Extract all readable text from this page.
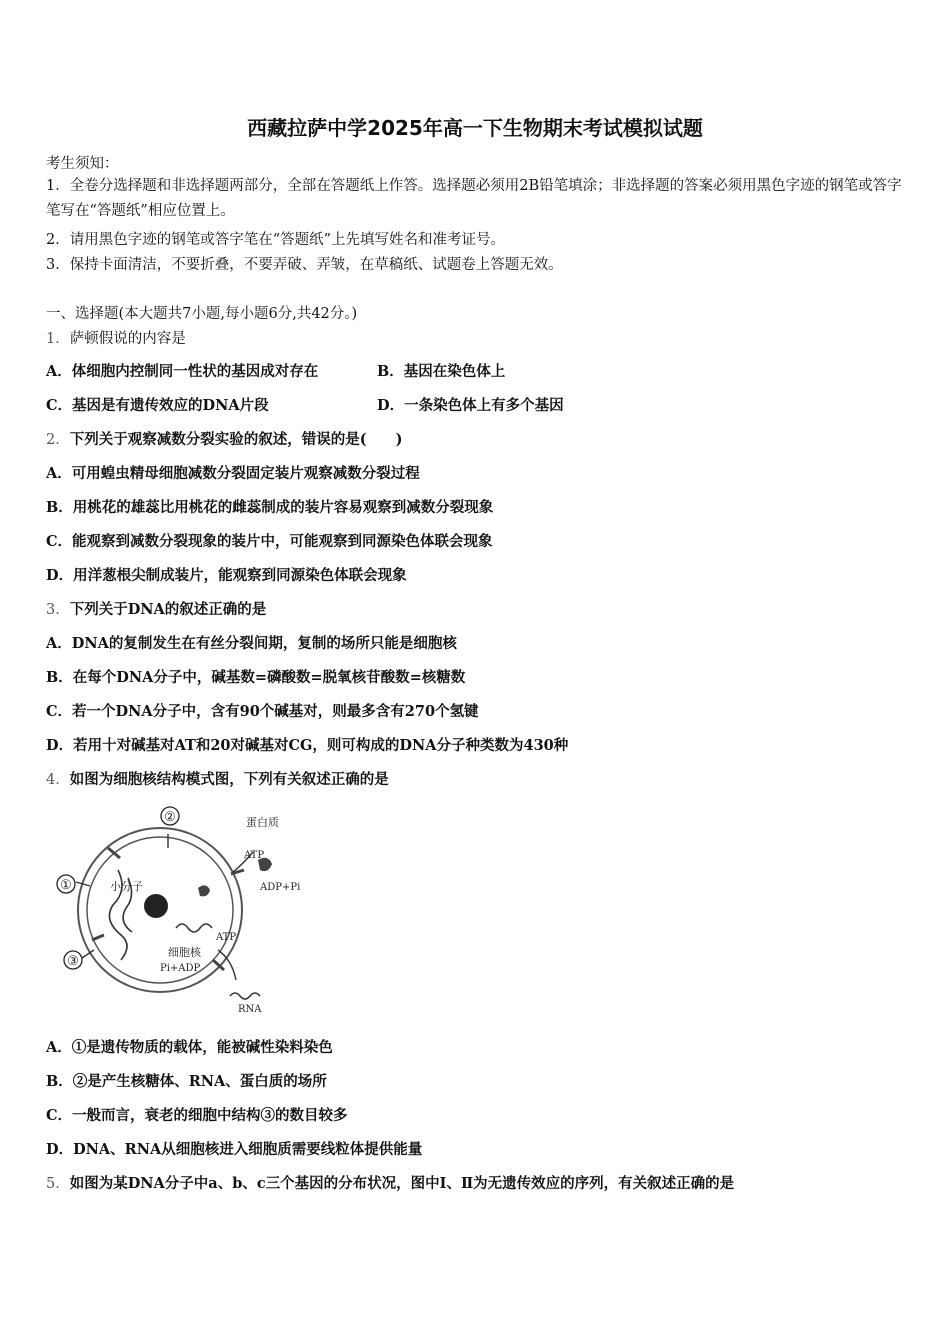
西藏拉萨中学2025年高一下生物期末考试模拟试题
考生须知：
1．全卷分选择题和非选择题两部分，全部在答题纸上作答。选择题必须用2B铅笔填涂；非选择题的答案必须用黑色字迹的钢笔或答字笔写在“答题纸”相应位置上。
2．请用黑色字迹的钢笔或答字笔在“答题纸”上先填写姓名和准考证号。
3．保持卡面清洁，不要折叠，不要弄破、弄皱，在草稿纸、试题卷上答题无效。
一、选择题(本大题共7小题,每小题6分,共42分。)
1．萨顿假说的内容是
A．体细胞内控制同一性状的基因成对存在	B．基因在染色体上
C．基因是有遗传效应的DNA片段	D．一条染色体上有多个基因
2．下列关于观察减数分裂实验的叙述，错误的是(　　)
A．可用蝗虫精母细胞减数分裂固定装片观察减数分裂过程
B．用桃花的雄蕊比用桃花的雌蕊制成的装片容易观察到减数分裂现象
C．能观察到减数分裂现象的装片中，可能观察到同源染色体联会现象
D．用洋葱根尖制成装片，能观察到同源染色体联会现象
3．下列关于DNA的叙述正确的是
A．DNA的复制发生在有丝分裂间期，复制的场所只能是细胞核
B．在每个DNA分子中，碱基数=磷酸数=脱氧核苷酸数=核糖数
C．若一个DNA分子中，含有90个碱基对，则最多含有270个氢键
D．若用十对碱基对AT和20对碱基对CG，则可构成的DNA分子种类数为430种
4．如图为细胞核结构模式图，下列有关叙述正确的是
②
①
③
蛋白质
ATP
ADP+Pi
小分子
ATP
细胞核
Pi+ADP
RNA
A．①是遗传物质的载体，能被碱性染料染色
B．②是产生核糖体、RNA、蛋白质的场所
C．一般而言，衰老的细胞中结构③的数目较多
D．DNA、RNA从细胞核进入细胞质需要线粒体提供能量
5．如图为某DNA分子中a、b、c三个基因的分布状况，图中Ⅰ、Ⅱ为无遗传效应的序列，有关叙述正确的是
